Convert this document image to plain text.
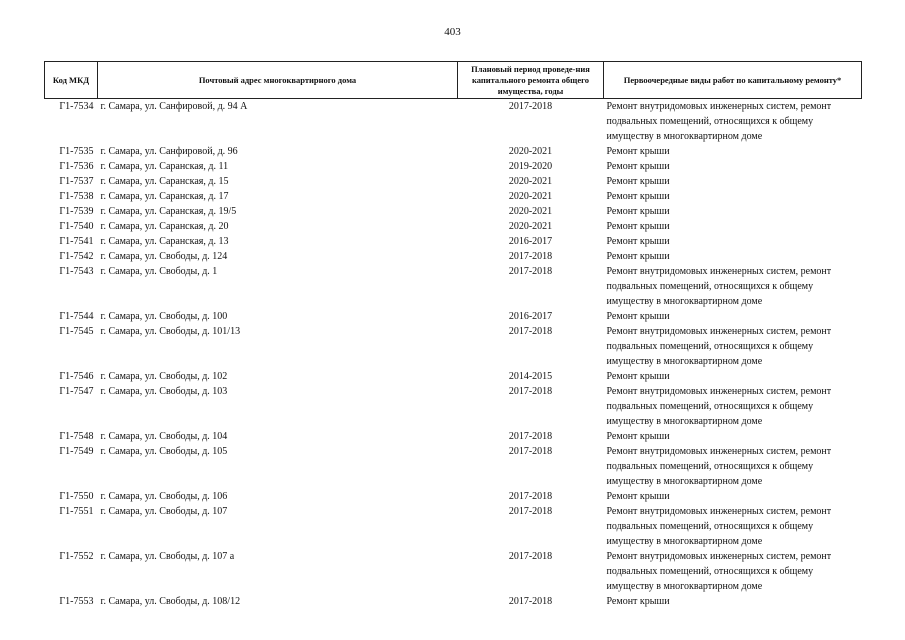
403
Код МКД	Почтовый адрес многоквартирного дома	Плановый период проведе-ния капитального ремонта общего имущества, годы	Первоочередные виды работ по капитальному ремонту*
Г1-7534	г. Самара, ул. Санфировой, д. 94 А	2017-2018	Ремонт внутридомовых инженерных систем, ремонт подвальных помещений, относящихся к общему имуществу в многоквартирном доме
Г1-7535	г. Самара, ул. Санфировой, д. 96	2020-2021	Ремонт крыши
Г1-7536	г. Самара, ул. Саранская, д. 11	2019-2020	Ремонт крыши
Г1-7537	г. Самара, ул. Саранская, д. 15	2020-2021	Ремонт крыши
Г1-7538	г. Самара, ул. Саранская, д. 17	2020-2021	Ремонт крыши
Г1-7539	г. Самара, ул. Саранская, д. 19/5	2020-2021	Ремонт крыши
Г1-7540	г. Самара, ул. Саранская, д. 20	2020-2021	Ремонт крыши
Г1-7541	г. Самара, ул. Саранская, д. 13	2016-2017	Ремонт крыши
Г1-7542	г. Самара, ул. Свободы, д. 124	2017-2018	Ремонт крыши
Г1-7543	г. Самара, ул. Свободы, д. 1	2017-2018	Ремонт внутридомовых инженерных систем, ремонт подвальных помещений, относящихся к общему имуществу в многоквартирном доме
Г1-7544	г. Самара, ул. Свободы, д. 100	2016-2017	Ремонт крыши
Г1-7545	г. Самара, ул. Свободы, д. 101/13	2017-2018	Ремонт внутридомовых инженерных систем, ремонт подвальных помещений, относящихся к общему имуществу в многоквартирном доме
Г1-7546	г. Самара, ул. Свободы, д. 102	2014-2015	Ремонт крыши
Г1-7547	г. Самара, ул. Свободы, д. 103	2017-2018	Ремонт внутридомовых инженерных систем, ремонт подвальных помещений, относящихся к общему имуществу в многоквартирном доме
Г1-7548	г. Самара, ул. Свободы, д. 104	2017-2018	Ремонт крыши
Г1-7549	г. Самара, ул. Свободы, д. 105	2017-2018	Ремонт внутридомовых инженерных систем, ремонт подвальных помещений, относящихся к общему имуществу в многоквартирном доме
Г1-7550	г. Самара, ул. Свободы, д. 106	2017-2018	Ремонт крыши
Г1-7551	г. Самара, ул. Свободы, д. 107	2017-2018	Ремонт внутридомовых инженерных систем, ремонт подвальных помещений, относящихся к общему имуществу в многоквартирном доме
Г1-7552	г. Самара, ул. Свободы, д. 107 а	2017-2018	Ремонт внутридомовых инженерных систем, ремонт подвальных помещений, относящихся к общему имуществу в многоквартирном доме
Г1-7553	г. Самара, ул. Свободы, д. 108/12	2017-2018	Ремонт крыши
